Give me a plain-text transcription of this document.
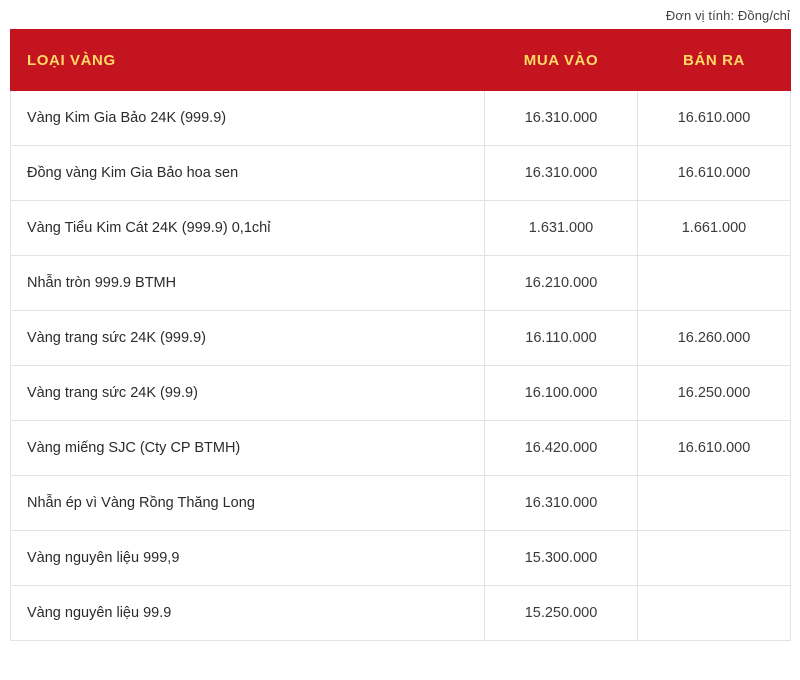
Đơn vị tính: Đồng/chỉ
LOẠI VÀNG	MUA VÀO	BÁN RA
Vàng Kim Gia Bảo 24K (999.9)	16.310.000	16.610.000
Đồng vàng Kim Gia Bảo hoa sen	16.310.000	16.610.000
Vàng Tiểu Kim Cát 24K (999.9) 0,1chỉ	1.631.000	1.661.000
Nhẫn tròn 999.9 BTMH	16.210.000	
Vàng trang sức 24K (999.9)	16.110.000	16.260.000
Vàng trang sức 24K (99.9)	16.100.000	16.250.000
Vàng miếng SJC (Cty CP BTMH)	16.420.000	16.610.000
Nhẫn ép vì Vàng Rồng Thăng Long	16.310.000	
Vàng nguyên liệu 999,9	15.300.000	
Vàng nguyên liệu 99.9	15.250.000	
